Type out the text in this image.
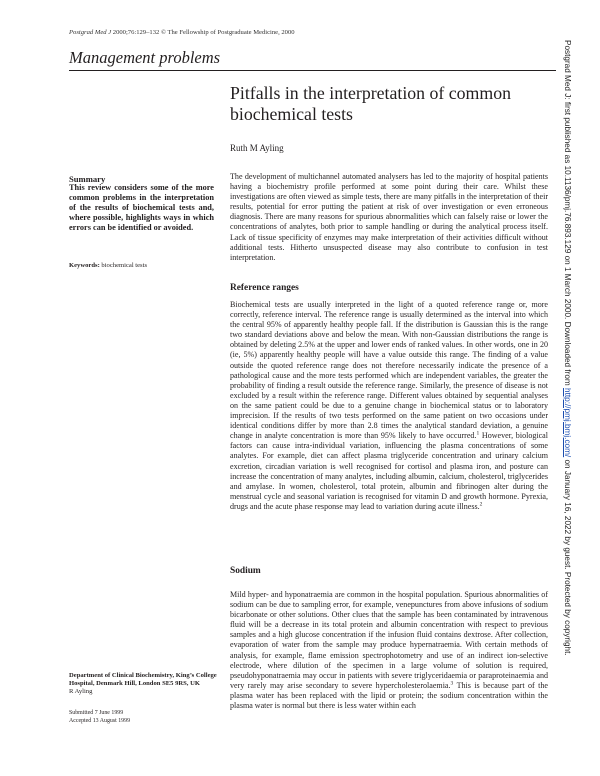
Postgrad Med J 2000;76:129–132 © The Fellowship of Postgraduate Medicine, 2000
Management problems
Pitfalls in the interpretation of common biochemical tests
Ruth M Ayling
Summary
This review considers some of the more common problems in the interpretation of the results of biochemical tests and, where possible, highlights ways in which errors can be identified or avoided.
Keywords: biochemical tests

The development of multichannel automated analysers has led to the majority of hospital patients having a biochemistry profile performed at some point during their care. Whilst these investigations are often viewed as simple tests, there are many pitfalls in the interpretation of their results, potential for error putting the patient at risk of over investigation or even erroneous diagnosis. There are many reasons for spurious abnormalities which can falsely raise or lower the concentrations of analytes, both prior to sample handling or during the analytical process itself. Lack of tissue specificity of enzymes may make interpretation of their activities difficult without additional tests. Hitherto unsuspected disease may also contribute to confusion in test interpretation.

Reference ranges

Biochemical tests are usually interpreted in the light of a quoted reference range or, more correctly, reference interval. The reference range is usually determined as the interval into which the central 95% of apparently healthy people fall. If the distribution is Gaussian this is the range two standard deviations above and below the mean. With non-Gaussian distributions the range is obtained by deleting 2.5% at the upper and lower ends of ranked values. In other words, one in 20 (ie, 5%) apparently healthy people will have a value outside this range. The finding of a value outside the quoted reference range does not therefore necessarily indicate the presence of a pathological cause and the more tests performed which are independent variables, the greater the probability of finding a result outside the reference range. Similarly, the presence of disease is not excluded by a result within the reference range. Different values obtained by sequential analyses on the same patient could be due to a genuine change in biochemical status or to laboratory imprecision. If the results of two tests performed on the same patient on two occasions under identical conditions differ by more than 2.8 times the analytical standard deviation, a genuine change in analyte concentration is more than 95% likely to have occurred.$^1$ However, biological factors can cause intra-individual variation, influencing the plasma concentrations of some analytes. For example, diet can affect plasma triglyceride concentration and urinary calcium excretion, circadian variation is well recognised for cortisol and plasma iron, and posture can increase the concentration of many analytes, including albumin, calcium, cholesterol, triglycerides and amylase. In women, cholesterol, total protein, albumin and fibrinogen alter during the menstrual cycle and seasonal variation is recognised for vitamin D and growth hormone. Pyrexia, drugs and the acute phase response may lead to variation during acute illness.$^2$

Sodium

Mild hyper- and hyponatraemia are common in the hospital population. Spurious abnormalities of sodium can be due to sampling error, for example, venepunctures from above infusions of sodium bicarbonate or other solutions. Other clues that the sample has been contaminated by intravenous fluid will be a decrease in its total protein and albumin concentration with respect to previous samples and a high glucose concentration if the infusion fluid contains dextrose. After collection, evaporation of water from the sample may produce hypernatraemia. With certain methods of analysis, for example, flame emission spectrophotometry and use of an indirect ion-selective electrode, where dilution of the specimen in a large volume of solution is required, pseudohyponatraemia may occur in patients with severe triglyceridaemia or paraproteinaemia and very rarely may arise secondary to severe hypercholesterolaemia.$^3$ This is because part of the plasma water has been replaced with the lipid or protein; the sodium concentration within the plasma water is normal but there is less water within each

Department of Clinical Biochemistry, King’s College Hospital, Denmark Hill, London SE5 9RS, UK
R Ayling
Submitted 7 June 1999
Accepted 13 August 1999
Postgrad Med J: first published as 10.1136/pmj.76.893.129 on 1 March 2000. Downloaded from http://pmj.bmj.com/ on January 16, 2022 by guest. Protected by copyright.
